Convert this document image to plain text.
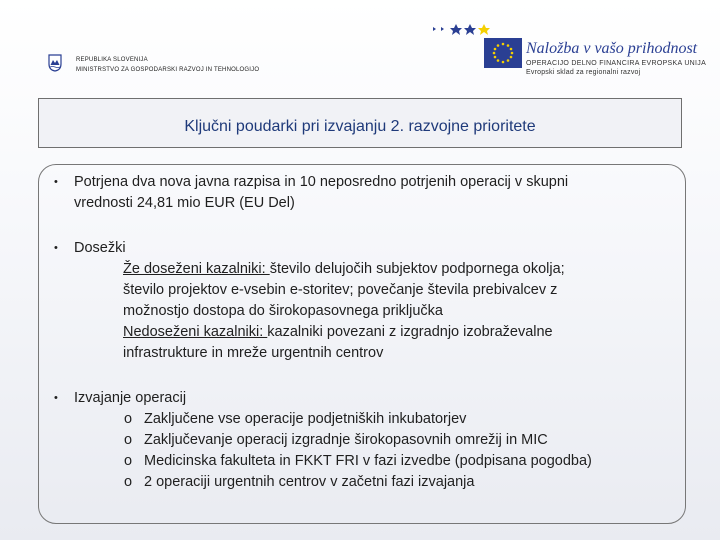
REPUBLIKA SLOVENIJA
MINISTRSTVO ZA GOSPODARSKI RAZVOJ IN TEHNOLOGIJO
Naložba v vašo prihodnost
OPERACIJO DELNO FINANCIRA EVROPSKA UNIJA
Evropski sklad za regionalni razvoj
Ključni poudarki pri izvajanju 2. razvojne prioritete
• Potrjena dva nova javna razpisa in 10 neposredno potrjenih operacij v skupni
vrednosti 24,81 mio EUR (EU Del)
• Dosežki
Že doseženi kazalniki: število delujočih subjektov podpornega okolja;
število projektov e-vsebin e-storitev; povečanje števila prebivalcev z
možnostjo dostopa do širokopasovnega priključka
Nedoseženi kazalniki: kazalniki povezani z izgradnjo izobraževalne
infrastrukture in mreže urgentnih centrov
• Izvajanje operacij
o Zaključene vse operacije podjetniških inkubatorjev
o Zaključevanje operacij izgradnje širokopasovnih omrežij in MIC
o Medicinska fakulteta in FKKT FRI v fazi izvedbe (podpisana pogodba)
o 2 operaciji urgentnih centrov v začetni fazi izvajanja
